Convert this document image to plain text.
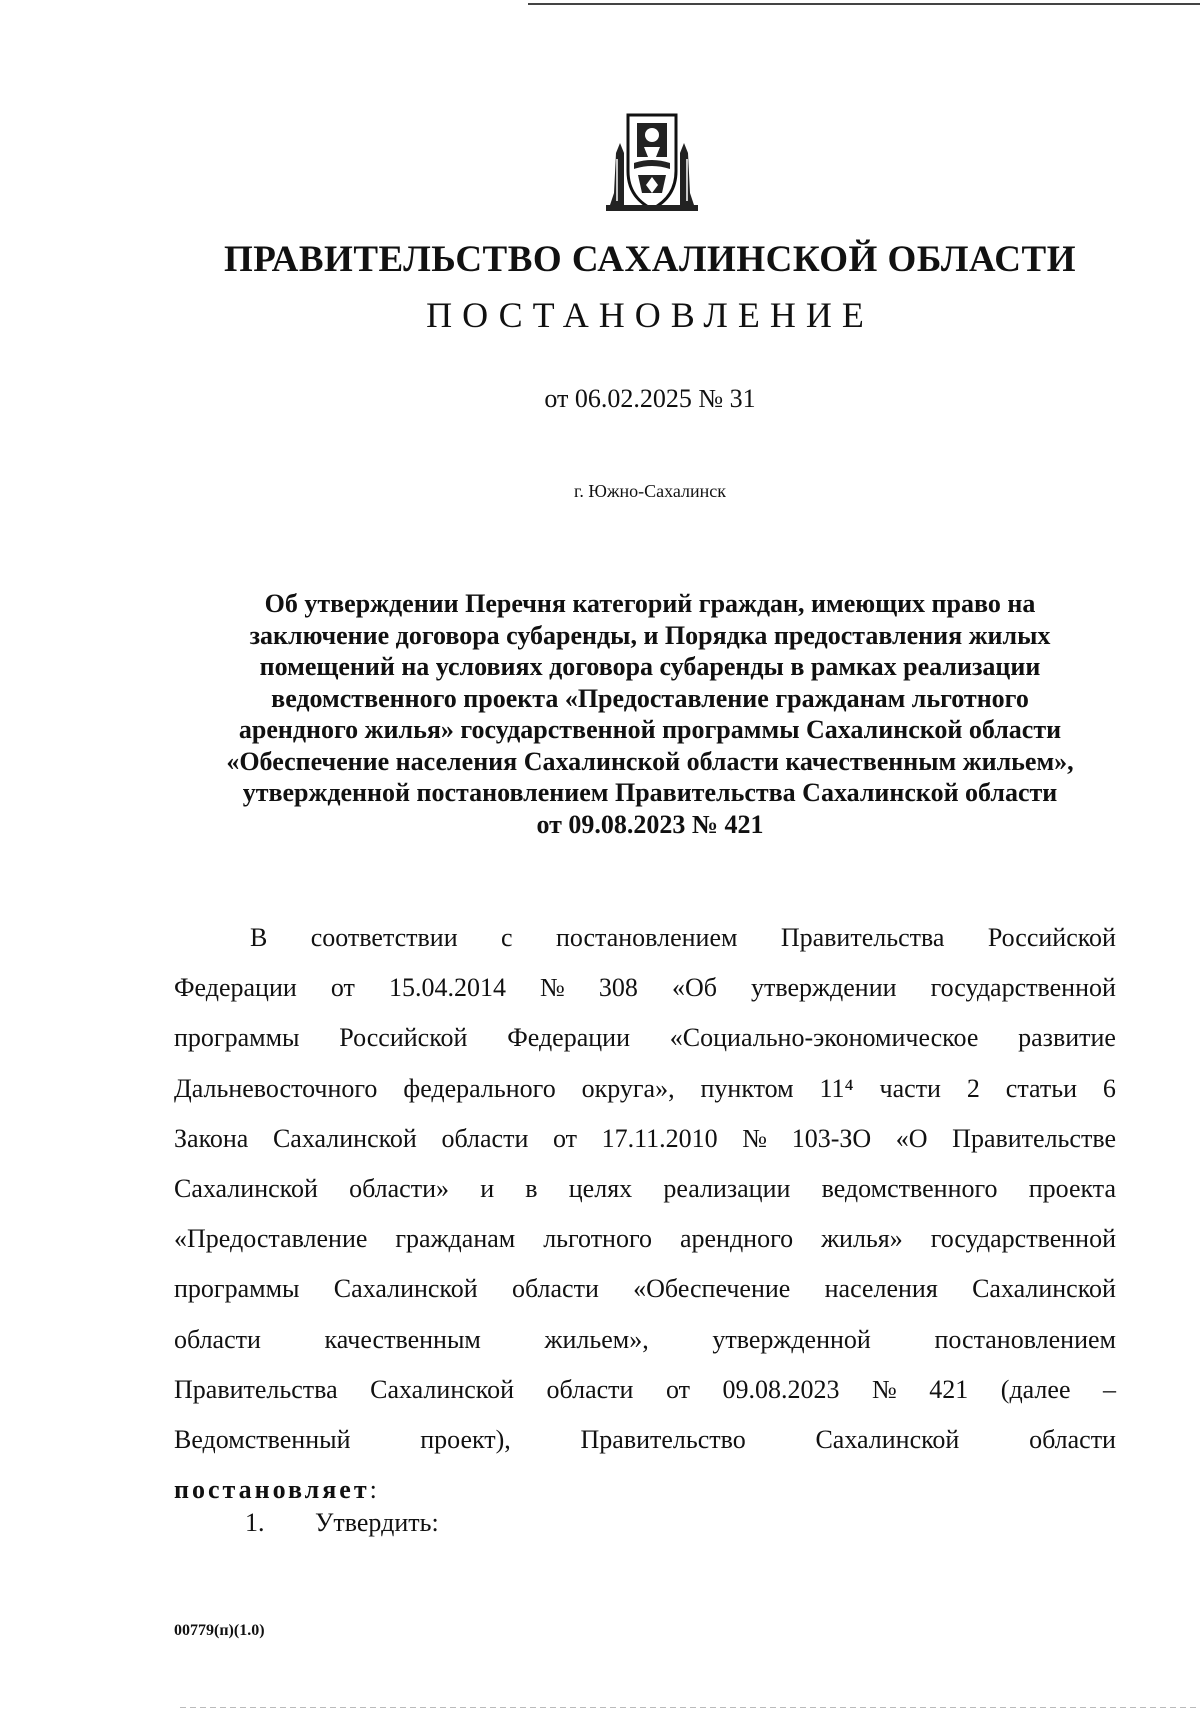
ПРАВИТЕЛЬСТВО САХАЛИНСКОЙ ОБЛАСТИ
ПОСТАНОВЛЕНИЕ
от 06.02.2025 № 31
г. Южно-Сахалинск
Об утверждении Перечня категорий граждан, имеющих право на
заключение договора субаренды, и Порядка предоставления жилых
помещений на условиях договора субаренды в рамках реализации
ведомственного проекта «Предоставление гражданам льготного
арендного жилья» государственной программы Сахалинской области
«Обеспечение населения Сахалинской области качественным жильем»,
утвержденной постановлением Правительства Сахалинской области
от 09.08.2023 № 421
В соответствии с постановлением Правительства Российской
Федерации от 15.04.2014 № 308 «Об утверждении государственной
программы Российской Федерации «Социально-экономическое развитие
Дальневосточного федерального округа», пунктом 11⁴ части 2 статьи 6
Закона Сахалинской области от 17.11.2010 № 103-ЗО «О Правительстве
Сахалинской области» и в целях реализации ведомственного проекта
«Предоставление гражданам льготного арендного жилья» государственной
программы Сахалинской области «Обеспечение населения Сахалинской
области качественным жильем», утвержденной постановлением
Правительства Сахалинской области от 09.08.2023 № 421 (далее –
Ведомственный	проект),	Правительство	Сахалинской	области
постановляет :
1. Утвердить:
00779(п)(1.0)
